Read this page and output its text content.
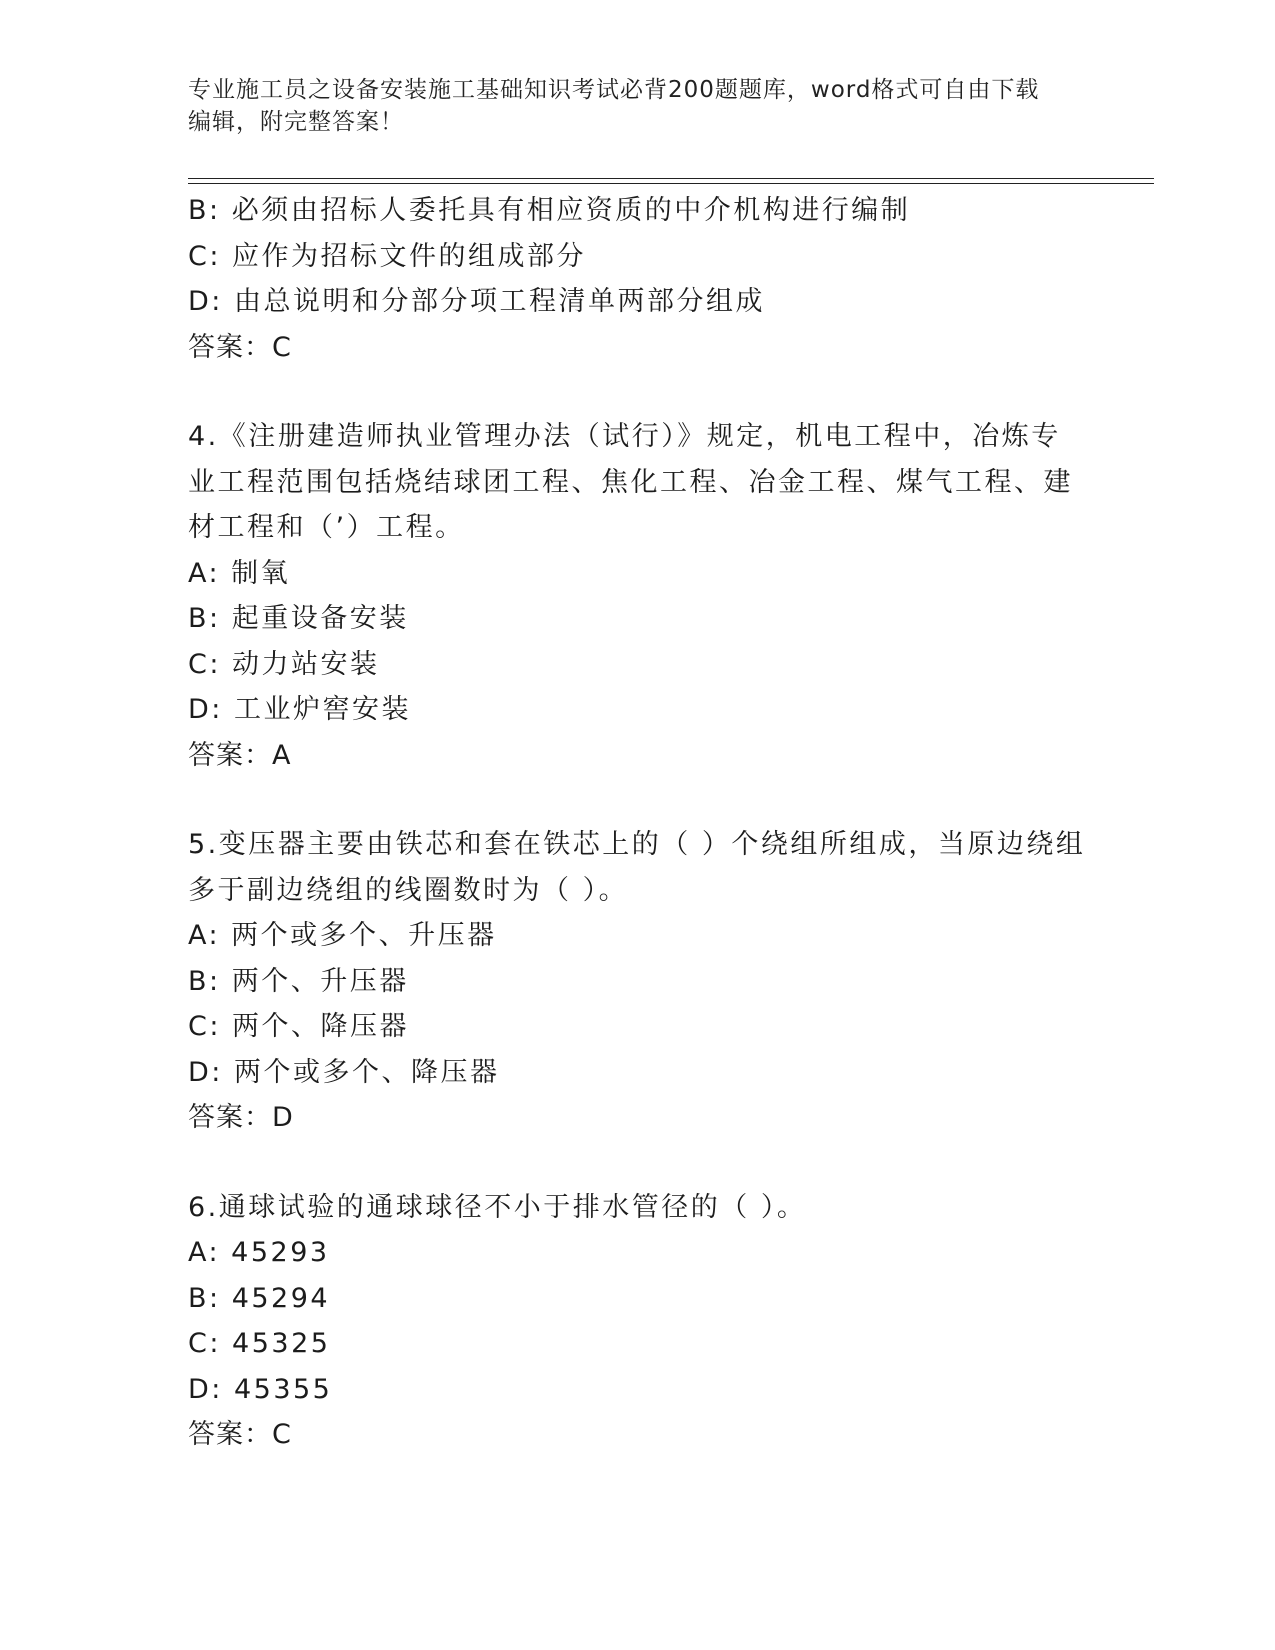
专业施工员之设备安装施工基础知识考试必背200题题库，word格式可自由下载
编辑，附完整答案！
B: 必须由招标人委托具有相应资质的中介机构进行编制
C: 应作为招标文件的组成部分
D: 由总说明和分部分项工程清单两部分组成
答案：C
4.《注册建造师执业管理办法（试行）》规定，机电工程中，冶炼专
业工程范围包括烧结球团工程、焦化工程、冶金工程、煤气工程、建
材工程和（’）工程。
A: 制氧
B: 起重设备安装
C: 动力站安装
D: 工业炉窖安装
答案：A
5.变压器主要由铁芯和套在铁芯上的（ ）个绕组所组成，当原边绕组
多于副边绕组的线圈数时为（ ）。
A: 两个或多个、升压器
B: 两个、升压器
C: 两个、降压器
D: 两个或多个、降压器
答案：D
6.通球试验的通球球径不小于排水管径的（ ）。
A: 45293
B: 45294
C: 45325
D: 45355
答案：C
